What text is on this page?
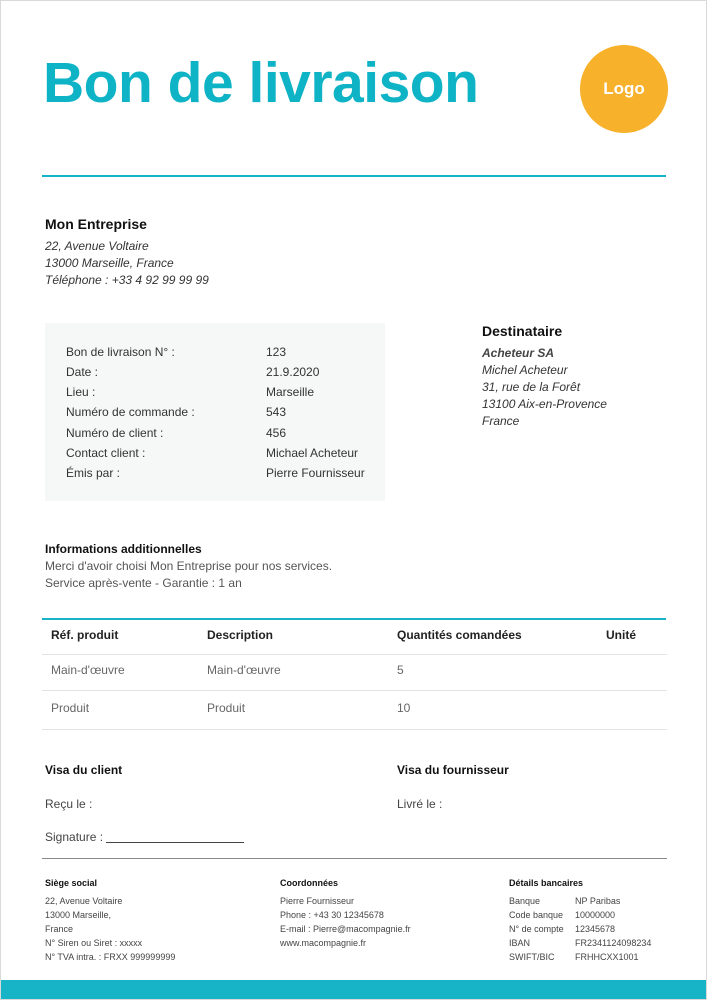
Bon de livraison	Logo
Mon Entreprise
22, Avenue Voltaire
13000 Marseille, France
Téléphone : +33 4 92 99 99 99
Bon de livraison N° :	123
Date :	21.9.2020
Lieu :	Marseille
Numéro de commande :	543
Numéro de client :	456
Contact client :	Michael Acheteur
Émis par :	Pierre Fournisseur
Destinataire
Acheteur SA
Michel Acheteur
31, rue de la Forêt
13100 Aix-en-Provence
France
Informations additionnelles
Merci d'avoir choisi Mon Entreprise pour nos services.
Service après-vente - Garantie : 1 an
Réf. produit	Description	Quantités comandées	Unité
Main-d'œuvre	Main-d'œuvre	5
Produit	Produit	10
Visa du client	Visa du fournisseur
Reçu le :	Livré le :
Signature :
Siège social
22, Avenue Voltaire
13000 Marseille,
France
N° Siren ou Siret : xxxxx
N° TVA intra. : FRXX 999999999
Coordonnées
Pierre Fournisseur
Phone : +43 30 12345678
E-mail : Pierre@macompagnie.fr
www.macompagnie.fr
Détails bancaires
Banque	NP Paribas
Code banque 10000000
N° de compte 12345678
IBAN	FR2341124098234
SWIFT/BIC FRHHCXX1001
